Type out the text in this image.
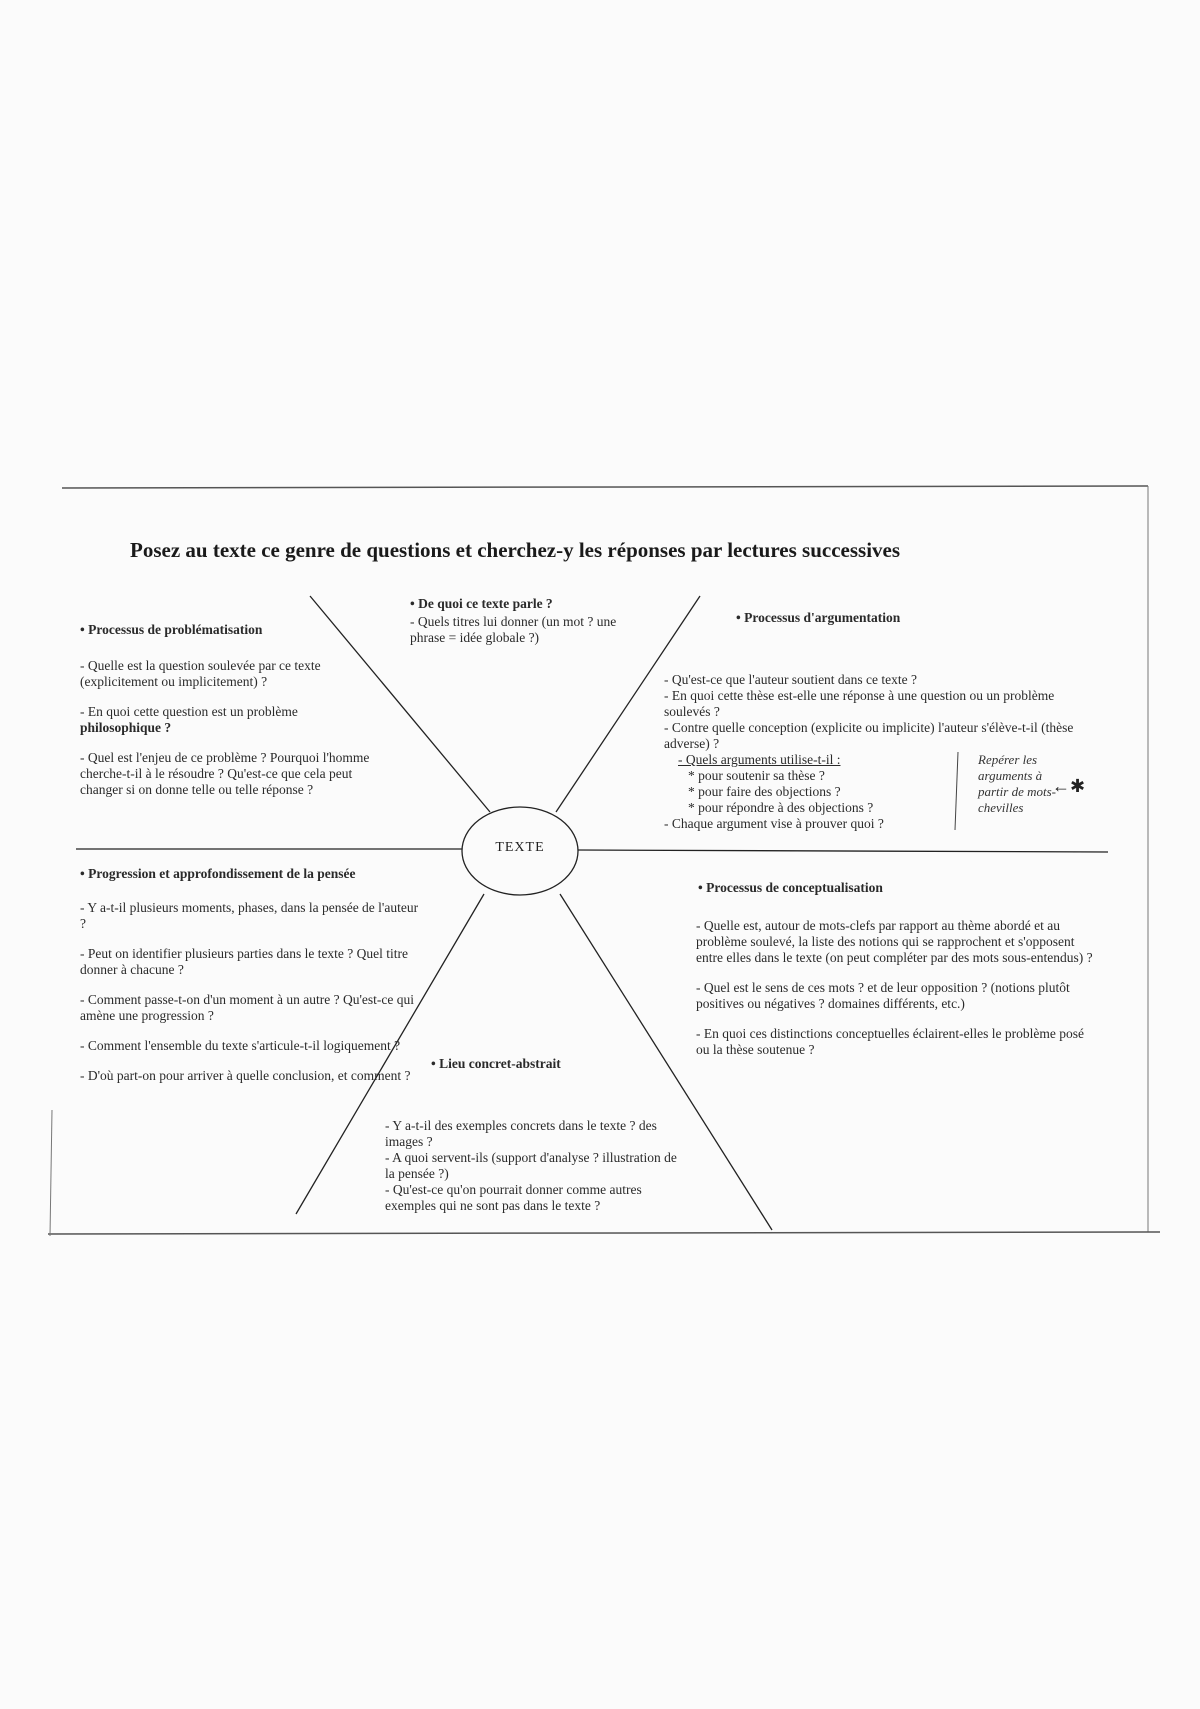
Posez au texte ce genre de questions et cherchez-y les réponses par lectures successives
TEXTE
• Processus de problématisation

- Quelle est la question soulevée par ce texte (explicitement ou implicitement) ?

- En quoi cette question est un problème
philosophique ?

- Quel est l'enjeu de ce problème ? Pourquoi l'homme cherche-t-il à le résoudre ? Qu'est-ce que cela peut changer si on donne telle ou telle réponse ?

• De quoi ce texte parle ?

- Quels titres lui donner (un mot ? une phrase = idée globale ?)

• Processus d'argumentation
- Qu'est-ce que l'auteur soutient dans ce texte ?
- En quoi cette thèse est-elle une réponse à une question ou un problème soulevés ?
- Contre quelle conception (explicite ou implicite) l'auteur s'élève-t-il (thèse adverse) ?
- Quels arguments utilise-t-il :
* pour soutenir sa thèse ?
* pour faire des objections ?
* pour répondre à des objections ?
- Chaque argument vise à prouver quoi ?
Repérer les arguments à partir de mots-chevilles
←✱
• Progression et approfondissement de la pensée

- Y a-t-il plusieurs moments, phases, dans la pensée de l'auteur ?

- Peut on identifier plusieurs parties dans le texte ? Quel titre donner à chacune ?

- Comment passe-t-on d'un moment à un autre ? Qu'est-ce qui amène une progression ?

- Comment l'ensemble du texte s'articule-t-il logiquement ?

- D'où part-on pour arriver à quelle conclusion, et comment ?

• Lieu concret-abstrait
- Y a-t-il des exemples concrets dans le texte ? des images ?
- A quoi servent-ils (support d'analyse ? illustration de la pensée ?)
- Qu'est-ce qu'on pourrait donner comme autres exemples qui ne sont pas dans le texte ?
• Processus de conceptualisation

- Quelle est, autour de mots-clefs par rapport au thème abordé et au problème soulevé, la liste des notions qui se rapprochent et s'opposent entre elles dans le texte (on peut compléter par des mots sous-entendus) ?

- Quel est le sens de ces mots ? et de leur opposition ? (notions plutôt positives ou négatives ? domaines différents, etc.)

- En quoi ces distinctions conceptuelles éclairent-elles le problème posé ou la thèse soutenue ?
